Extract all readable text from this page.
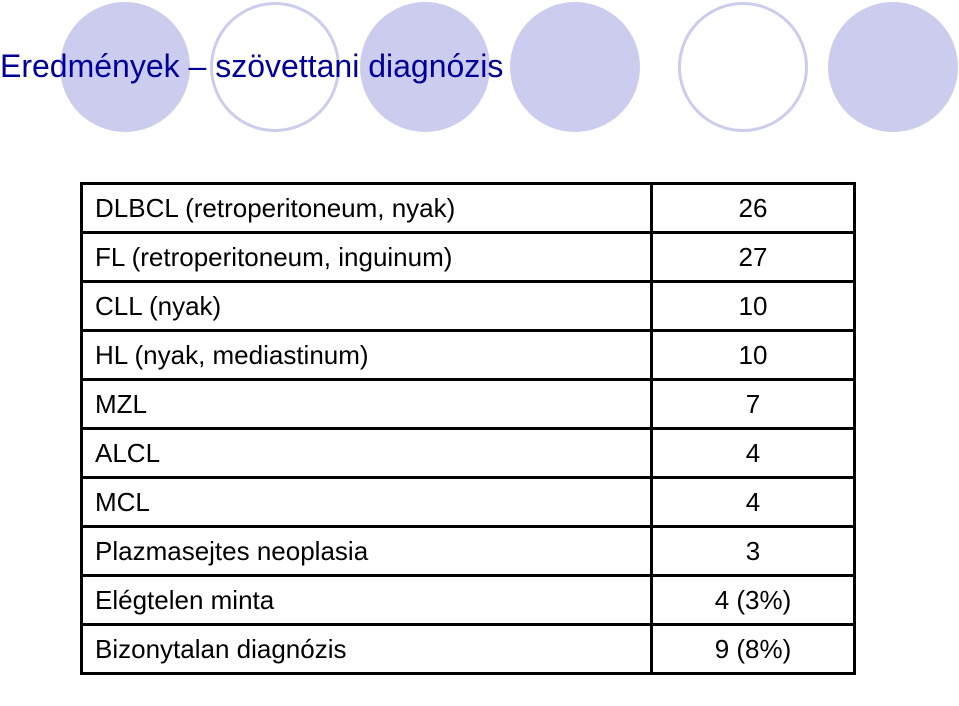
Eredmények – szövettani diagnózis
DLBCL (retroperitoneum, nyak)	26
FL (retroperitoneum, inguinum)	27
CLL (nyak)	10
HL (nyak, mediastinum)	10
MZL	7
ALCL	4
MCL	4
Plazmasejtes neoplasia	3
Elégtelen minta	4 (3%)
Bizonytalan diagnózis	9 (8%)
